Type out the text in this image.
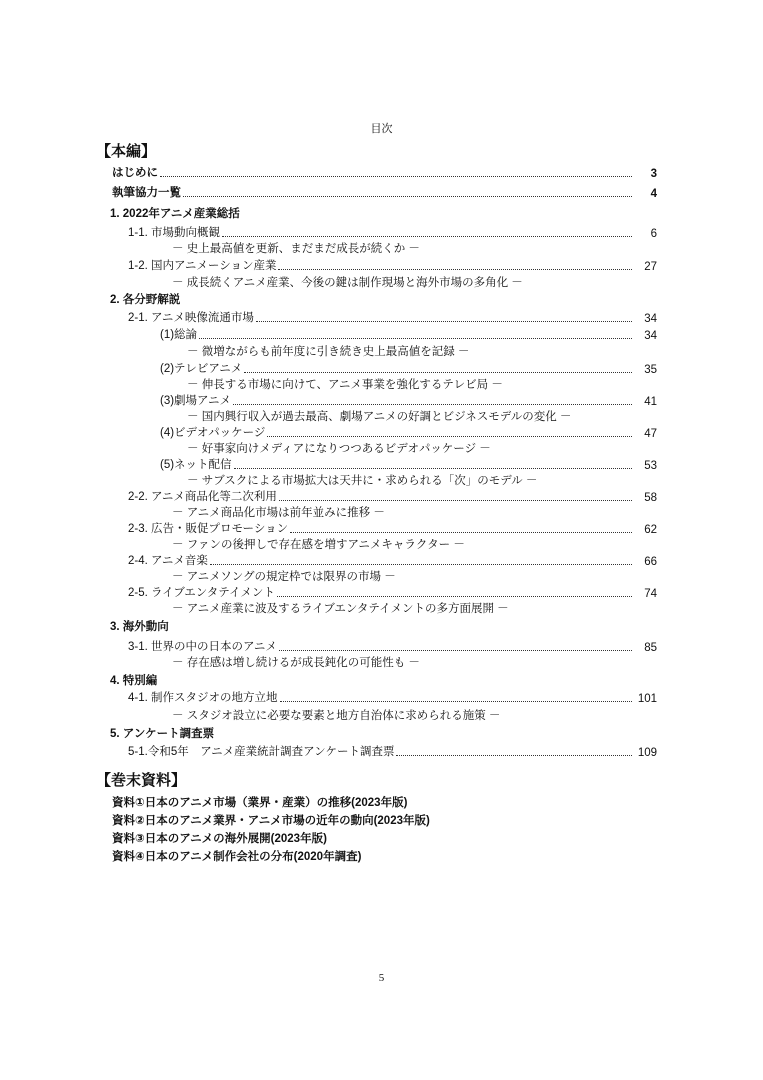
目次
【本編】
はじめに	3
執筆協力一覧	4
1. 2022年アニメ産業総括
1-1. 市場動向概観	6
－ 史上最高値を更新、まだまだ成長が続くか －
1-2. 国内アニメーション産業	27
－ 成長続くアニメ産業、今後の鍵は制作現場と海外市場の多角化 －
2. 各分野解説
2-1. アニメ映像流通市場	34
(1)総論	34
－ 微増ながらも前年度に引き続き史上最高値を記録 －
(2)テレビアニメ	35
－ 伸長する市場に向けて、アニメ事業を強化するテレビ局 －
(3)劇場アニメ	41
－ 国内興行収入が過去最高、劇場アニメの好調とビジネスモデルの変化 －
(4)ビデオパッケージ	47
－ 好事家向けメディアになりつつあるビデオパッケージ －
(5)ネット配信	53
－ サブスクによる市場拡大は天井に・求められる「次」のモデル －
2-2. アニメ商品化等二次利用	58
－ アニメ商品化市場は前年並みに推移 －
2-3. 広告・販促プロモーション	62
－ ファンの後押しで存在感を増すアニメキャラクター －
2-4. アニメ音楽	66
－ アニメソングの規定枠では限界の市場 －
2-5. ライブエンタテイメント	74
－ アニメ産業に波及するライブエンタテイメントの多方面展開 －
3. 海外動向
3-1. 世界の中の日本のアニメ	85
－ 存在感は増し続けるが成長鈍化の可能性も －
4. 特別編
4-1. 制作スタジオの地方立地	101
－ スタジオ設立に必要な要素と地方自治体に求められる施策 －
5. アンケート調査票
5-1.令和5年　アニメ産業統計調査アンケート調査票	109
【巻末資料】
資料①日本のアニメ市場（業界・産業）の推移(2023年版)
資料②日本のアニメ業界・アニメ市場の近年の動向(2023年版)
資料③日本のアニメの海外展開(2023年版)
資料④日本のアニメ制作会社の分布(2020年調査)
5
